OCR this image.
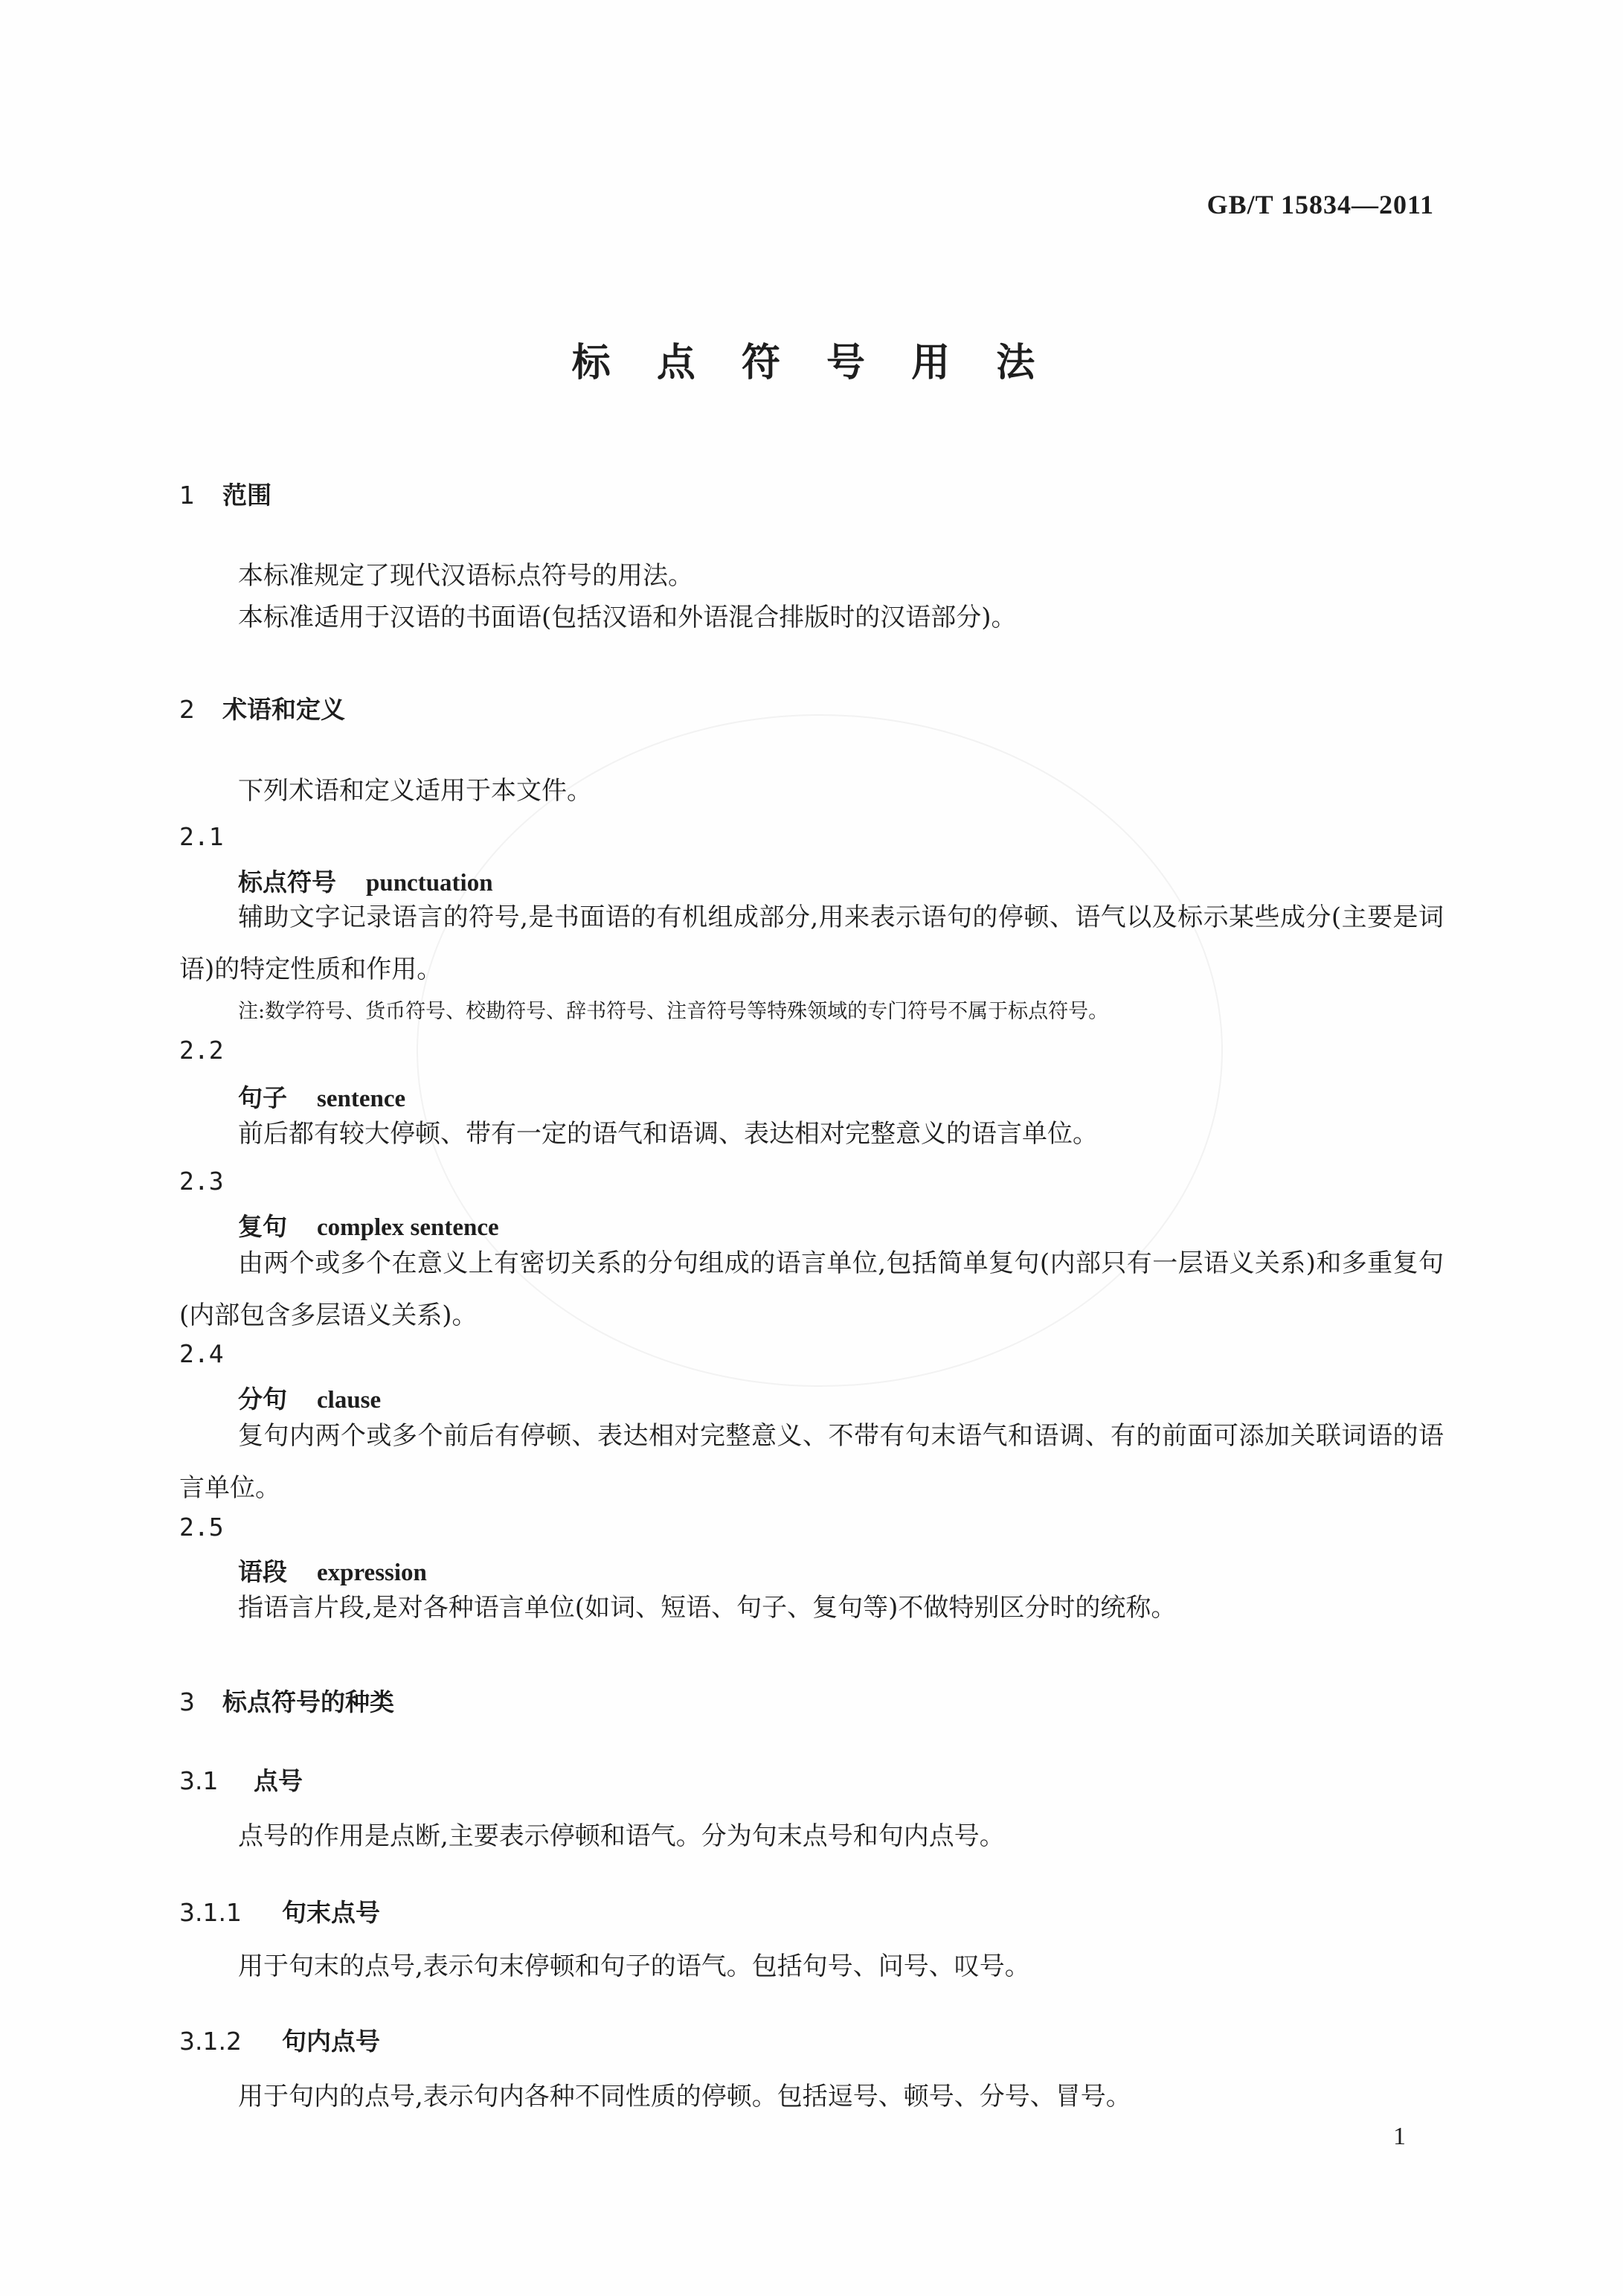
GB/T 15834—2011
标 点 符 号 用 法
1 范围
本标准规定了现代汉语标点符号的用法。
本标准适用于汉语的书面语(包括汉语和外语混合排版时的汉语部分)。
2 术语和定义
下列术语和定义适用于本文件。
2.1
标点符号 punctuation
辅助文字记录语言的符号,是书面语的有机组成部分,用来表示语句的停顿、语气以及标示某些成分(主要是词语)的特定性质和作用。
注:数学符号、货币符号、校勘符号、辞书符号、注音符号等特殊领域的专门符号不属于标点符号。
2.2
句子 sentence
前后都有较大停顿、带有一定的语气和语调、表达相对完整意义的语言单位。
2.3
复句 complex sentence
由两个或多个在意义上有密切关系的分句组成的语言单位,包括简单复句(内部只有一层语义关系)和多重复句(内部包含多层语义关系)。
2.4
分句 clause
复句内两个或多个前后有停顿、表达相对完整意义、不带有句末语气和语调、有的前面可添加关联词语的语言单位。
2.5
语段 expression
指语言片段,是对各种语言单位(如词、短语、句子、复句等)不做特别区分时的统称。
3 标点符号的种类
3.1 点号
点号的作用是点断,主要表示停顿和语气。分为句末点号和句内点号。
3.1.1 句末点号
用于句末的点号,表示句末停顿和句子的语气。包括句号、问号、叹号。
3.1.2 句内点号
用于句内的点号,表示句内各种不同性质的停顿。包括逗号、顿号、分号、冒号。
1
